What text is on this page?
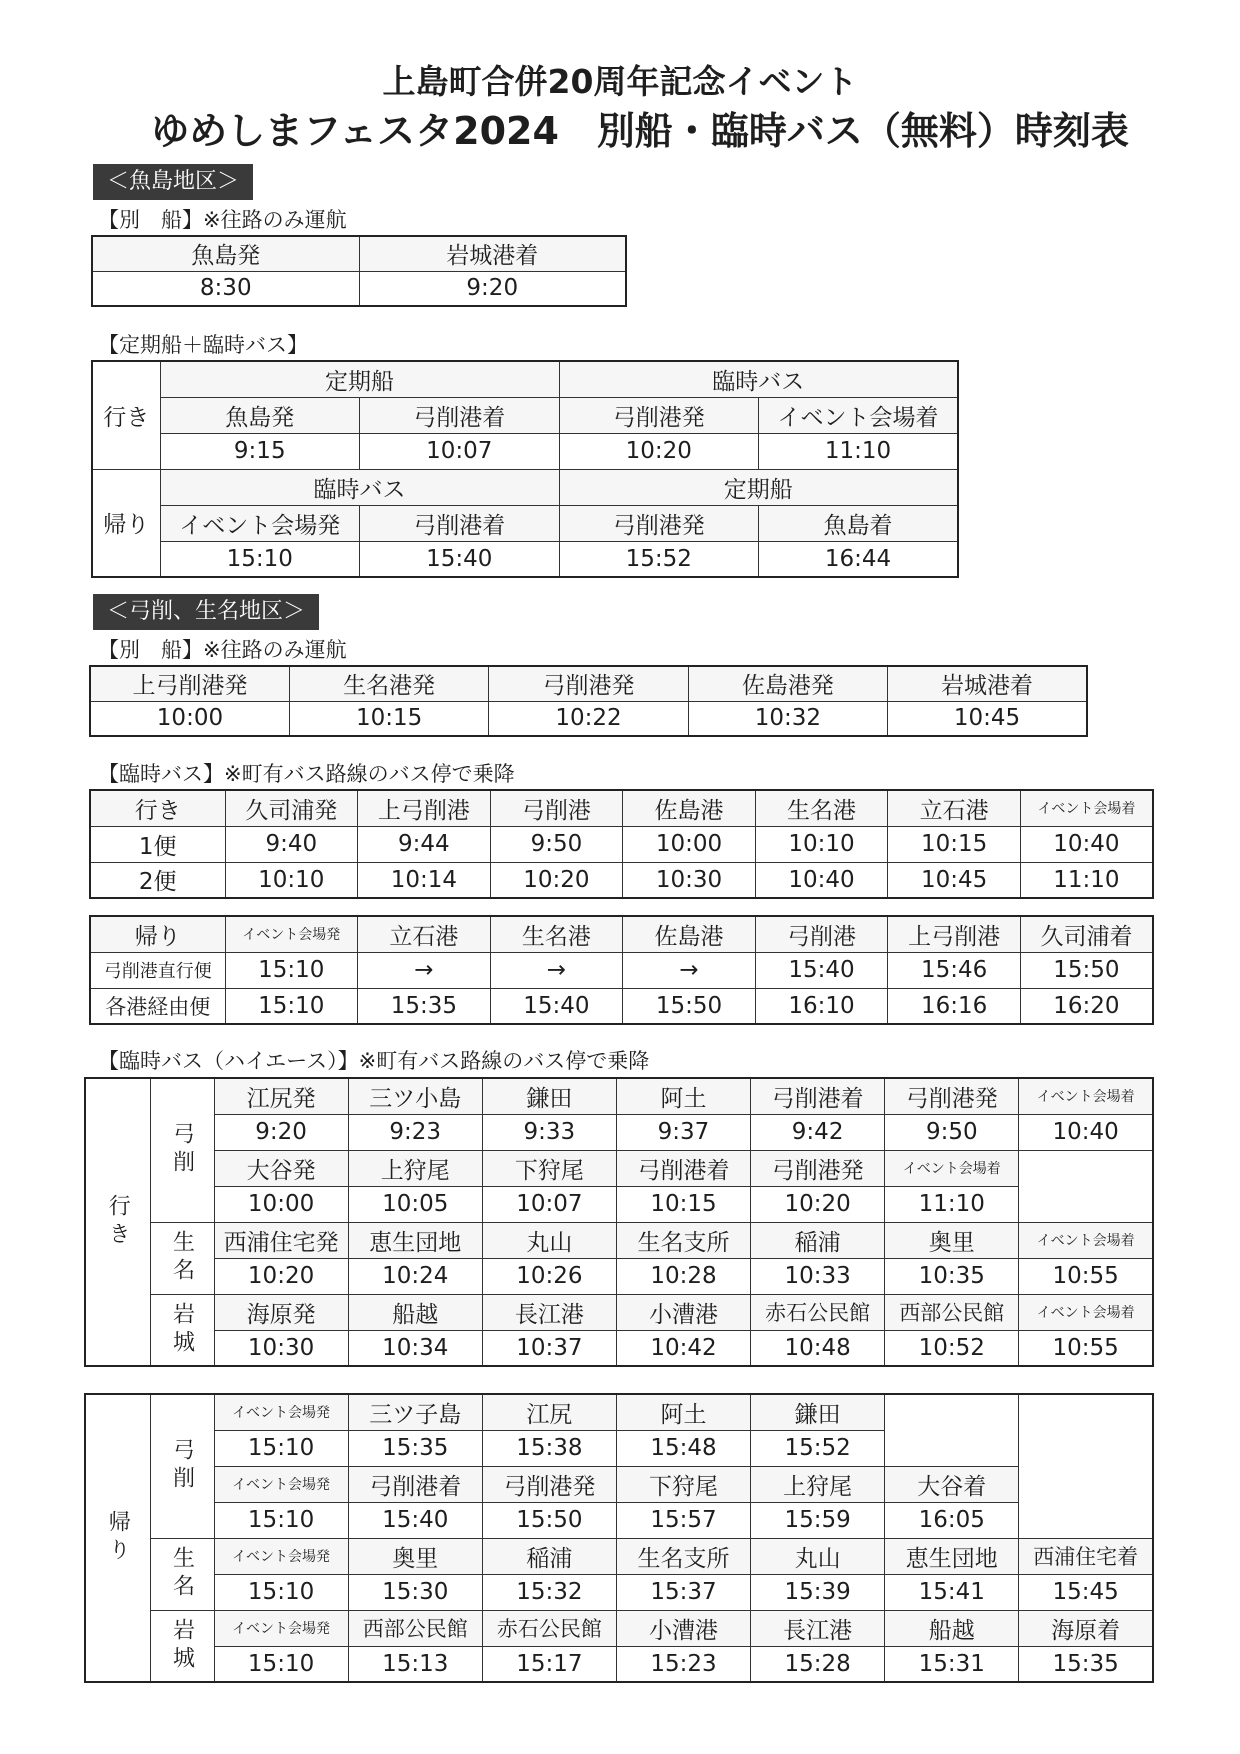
上島町合併20周年記念イベント
ゆめしまフェスタ2024　別船・臨時バス（無料）時刻表
＜魚島地区＞
【別　船】※往路のみ運航
魚島発	岩城港着
8:30	9:20
【定期船＋臨時バス】
行き	定期船		臨時バス	
	魚島発	弓削港着	弓削港発	イベント会場着
	9:15	10:07	10:20	11:10
帰り	臨時バス		定期船	
	イベント会場発	弓削港着	弓削港発	魚島着
	15:10	15:40	15:52	16:44
＜弓削、生名地区＞
【別　船】※往路のみ運航
上弓削港発	生名港発	弓削港発	佐島港発	岩城港着
10:00	10:15	10:22	10:32	10:45
【臨時バス】※町有バス路線のバス停で乗降
行き	久司浦発	上弓削港	弓削港	佐島港	生名港	立石港	イベント会場着
1便	9:40	9:44	9:50	10:00	10:10	10:15	10:40
2便	10:10	10:14	10:20	10:30	10:40	10:45	11:10
帰り	イベント会場発	立石港	生名港	佐島港	弓削港	上弓削港	久司浦着
弓削港直行便	15:10	→	→	→	15:40	15:46	15:50
各港経由便	15:10	15:35	15:40	15:50	16:10	16:16	16:20
【臨時バス（ハイエース）】※町有バス路線のバス停で乗降
行き	弓削	江尻発	三ツ小島	鎌田	阿土	弓削港着	弓削港発	イベント会場着
		9:20	9:23	9:33	9:37	9:42	9:50	10:40
		大谷発	上狩尾	下狩尾	弓削港着	弓削港発	イベント会場着	
		10:00	10:05	10:07	10:15	10:20	11:10	
	生名	西浦住宅発	恵生団地	丸山	生名支所	稲浦	奥里	イベント会場着
		10:20	10:24	10:26	10:28	10:33	10:35	10:55
	岩城	海原発	船越	長江港	小漕港	赤石公民館	西部公民館	イベント会場着
		10:30	10:34	10:37	10:42	10:48	10:52	10:55
帰り	弓削	イベント会場発	三ツ子島	江尻	阿土	鎌田		
		15:10	15:35	15:38	15:48	15:52		
		イベント会場発	弓削港着	弓削港発	下狩尾	上狩尾	大谷着	
		15:10	15:40	15:50	15:57	15:59	16:05	
	生名	イベント会場発	奥里	稲浦	生名支所	丸山	恵生団地	西浦住宅着
		15:10	15:30	15:32	15:37	15:39	15:41	15:45
	岩城	イベント会場発	西部公民館	赤石公民館	小漕港	長江港	船越	海原着
		15:10	15:13	15:17	15:23	15:28	15:31	15:35
